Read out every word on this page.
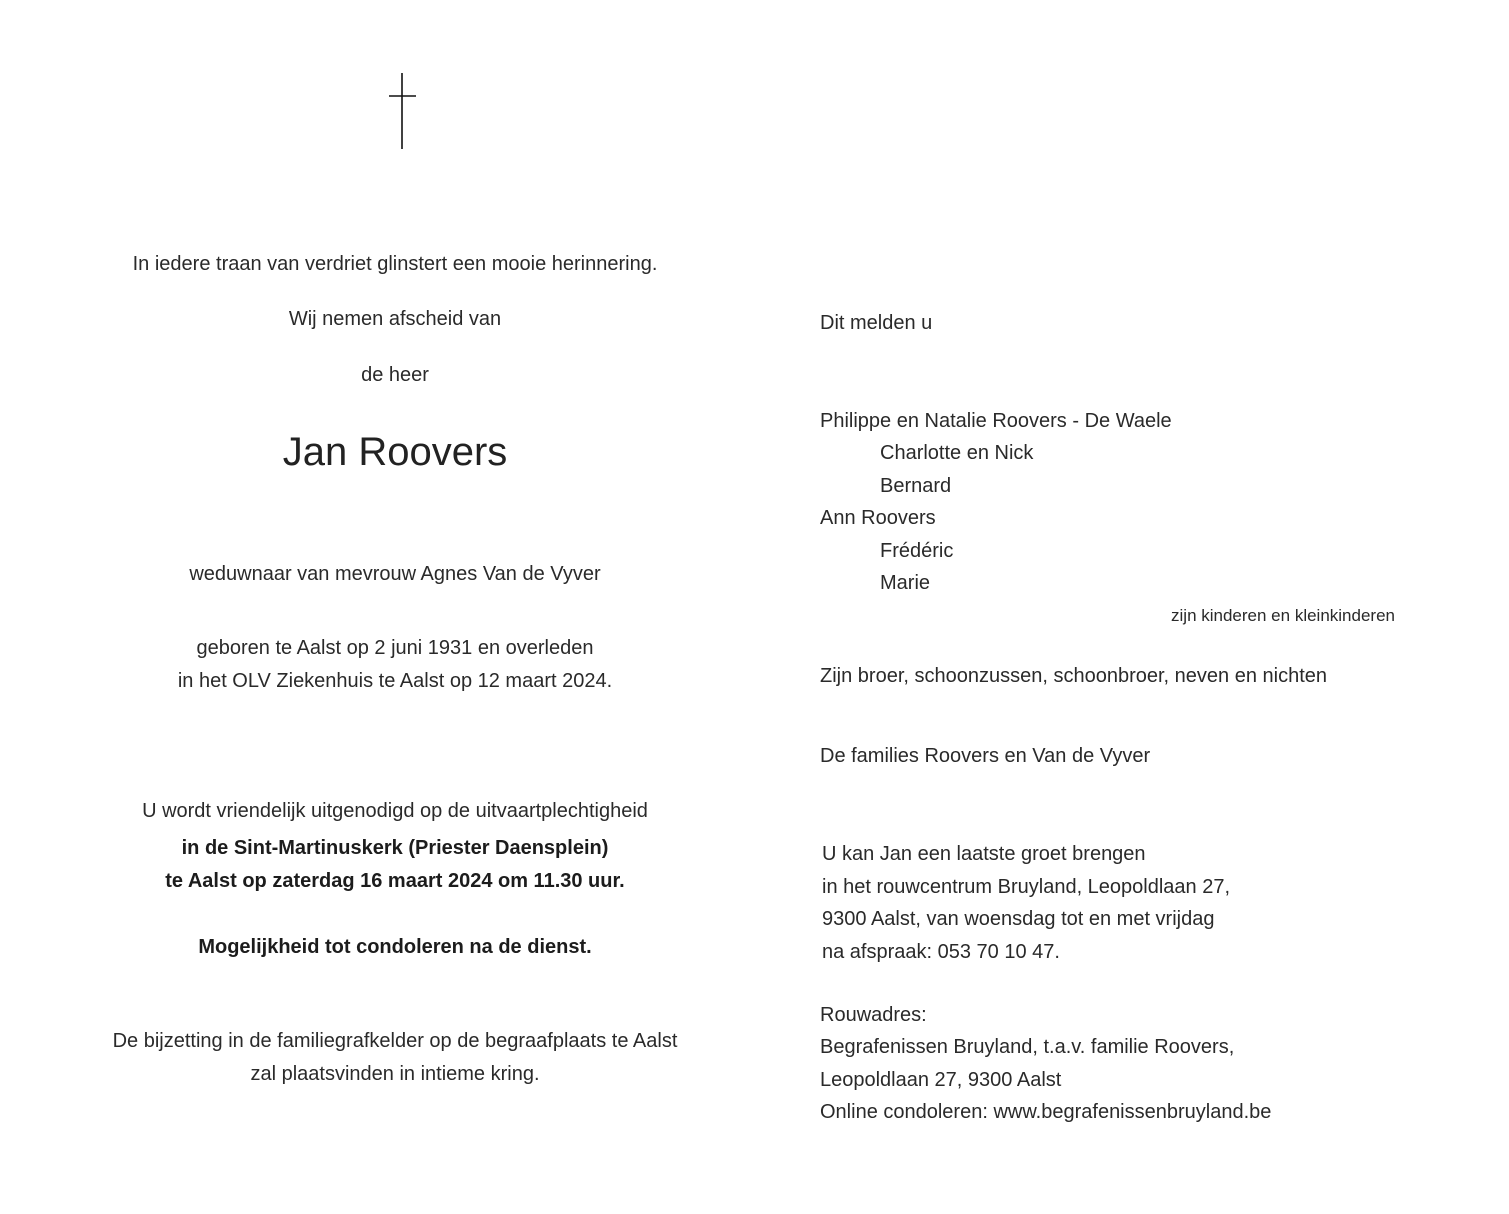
In iedere traan van verdriet glinstert een mooie herinnering.
Wij nemen afscheid van
de heer
Jan Roovers
weduwnaar van mevrouw Agnes Van de Vyver
geboren te Aalst op 2 juni 1931 en overleden
in het OLV Ziekenhuis te Aalst op 12 maart 2024.
U wordt vriendelijk uitgenodigd op de uitvaartplechtigheid
in de Sint-Martinuskerk (Priester Daensplein)
te Aalst op zaterdag 16 maart 2024 om 11.30 uur.
Mogelijkheid tot condoleren na de dienst.
De bijzetting in de familiegrafkelder op de begraafplaats te Aalst
zal plaatsvinden in intieme kring.
Dit melden u
Philippe en Natalie Roovers - De Waele
Charlotte en Nick
Bernard
Ann Roovers
Frédéric
Marie
zijn kinderen en kleinkinderen
Zijn broer, schoonzussen, schoonbroer, neven en nichten
De families Roovers en Van de Vyver
U kan Jan een laatste groet brengen
in het rouwcentrum Bruyland, Leopoldlaan 27,
9300 Aalst, van woensdag tot en met vrijdag
na afspraak: 053 70 10 47.
Rouwadres:
Begrafenissen Bruyland, t.a.v. familie Roovers,
Leopoldlaan 27, 9300 Aalst
Online condoleren: www.begrafenissenbruyland.be
